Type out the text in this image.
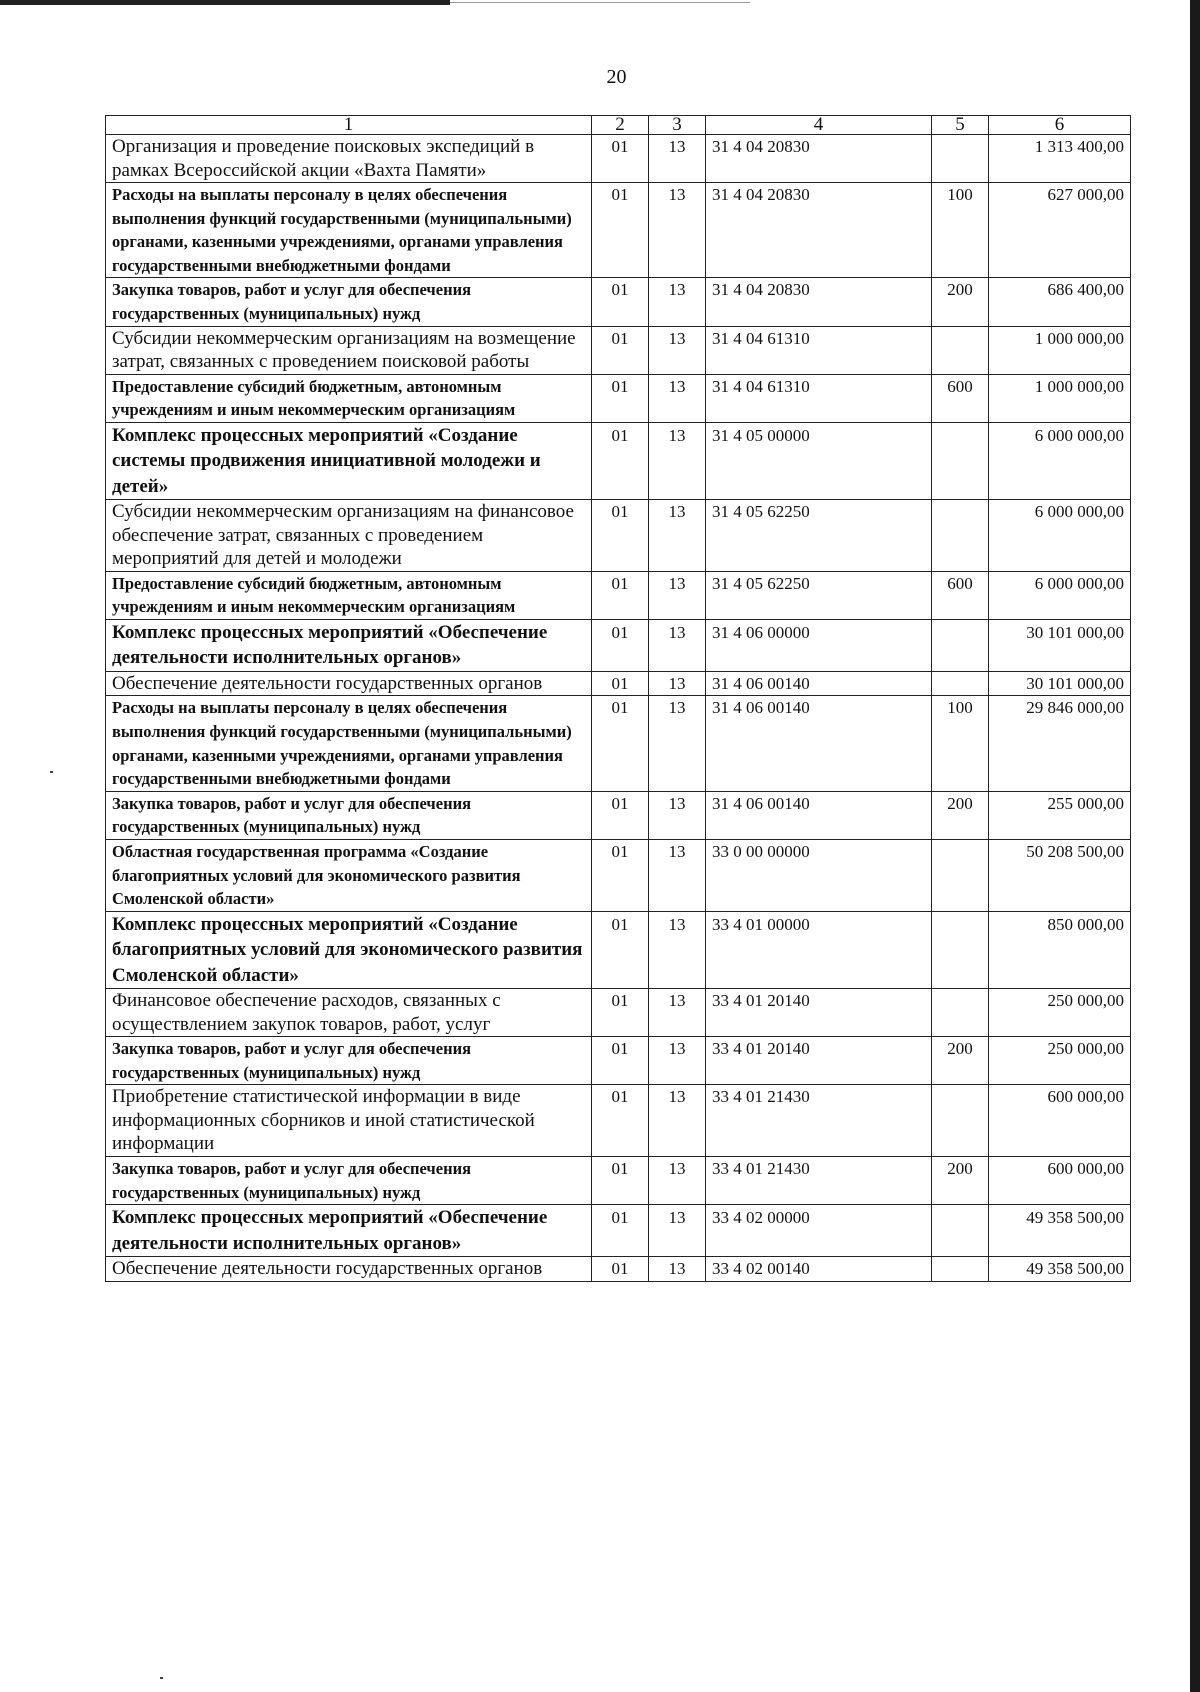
20
1	2	3	4	5	6
Организация и проведение поисковых экспедиций в рамках Всероссийской акции «Вахта Памяти»	01	13	31 4 04 20830		1 313 400,00
Расходы на выплаты персоналу в целях обеспечения выполнения функций государственными (муниципальными) органами, казенными учреждениями, органами управления государственными внебюджетными фондами	01	13	31 4 04 20830	100	627 000,00
Закупка товаров, работ и услуг для обеспечения государственных (муниципальных) нужд	01	13	31 4 04 20830	200	686 400,00
Субсидии некоммерческим организациям на возмещение затрат, связанных с проведением поисковой работы	01	13	31 4 04 61310		1 000 000,00
Предоставление субсидий бюджетным, автономным учреждениям и иным некоммерческим организациям	01	13	31 4 04 61310	600	1 000 000,00
Комплекс процессных мероприятий «Создание системы продвижения инициативной молодежи и детей»	01	13	31 4 05 00000		6 000 000,00
Субсидии некоммерческим организациям на финансовое обеспечение затрат, связанных с проведением мероприятий для детей и молодежи	01	13	31 4 05 62250		6 000 000,00
Предоставление субсидий бюджетным, автономным учреждениям и иным некоммерческим организациям	01	13	31 4 05 62250	600	6 000 000,00
Комплекс процессных мероприятий «Обеспечение деятельности исполнительных органов»	01	13	31 4 06 00000		30 101 000,00
Обеспечение деятельности государственных органов	01	13	31 4 06 00140		30 101 000,00
Расходы на выплаты персоналу в целях обеспечения выполнения функций государственными (муниципальными) органами, казенными учреждениями, органами управления государственными внебюджетными фондами	01	13	31 4 06 00140	100	29 846 000,00
Закупка товаров, работ и услуг для обеспечения государственных (муниципальных) нужд	01	13	31 4 06 00140	200	255 000,00
Областная государственная программа «Создание благоприятных условий для экономического развития Смоленской области»	01	13	33 0 00 00000		50 208 500,00
Комплекс процессных мероприятий «Создание благоприятных условий для экономического развития Смоленской области»	01	13	33 4 01 00000		850 000,00
Финансовое обеспечение расходов, связанных с осуществлением закупок товаров, работ, услуг	01	13	33 4 01 20140		250 000,00
Закупка товаров, работ и услуг для обеспечения государственных (муниципальных) нужд	01	13	33 4 01 20140	200	250 000,00
Приобретение статистической информации в виде информационных сборников и иной статистической информации	01	13	33 4 01 21430		600 000,00
Закупка товаров, работ и услуг для обеспечения государственных (муниципальных) нужд	01	13	33 4 01 21430	200	600 000,00
Комплекс процессных мероприятий «Обеспечение деятельности исполнительных органов»	01	13	33 4 02 00000		49 358 500,00
Обеспечение деятельности государственных органов	01	13	33 4 02 00140		49 358 500,00
